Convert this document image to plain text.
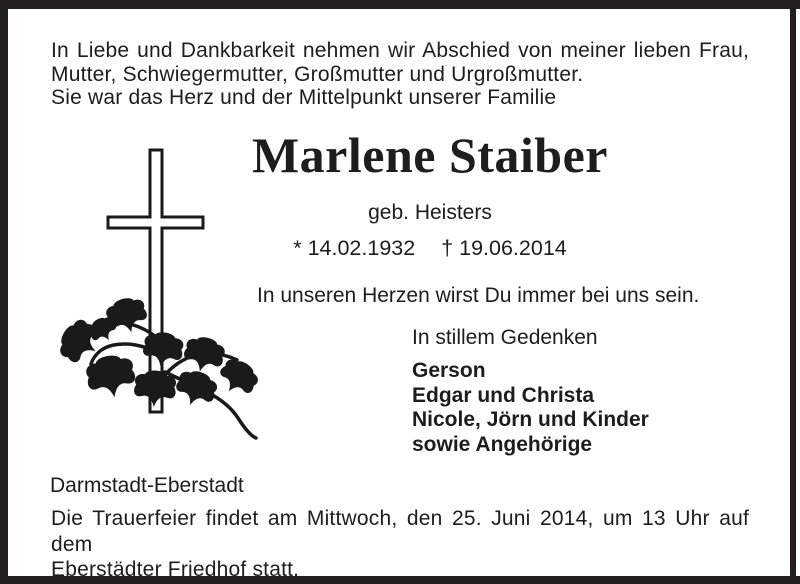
In Liebe und Dankbarkeit nehmen wir Abschied von meiner lieben Frau,
Mutter, Schwiegermutter, Großmutter und Urgroßmutter.
Sie war das Herz und der Mittelpunkt unserer Familie
Marlene Staiber
geb. Heisters
* 14.02.1932 † 19.06.2014
In unseren Herzen wirst Du immer bei uns sein.
In stillem Gedenken
Gerson
Edgar und Christa
Nicole, Jörn und Kinder
sowie Angehörige
Darmstadt-Eberstadt
Die Trauerfeier findet am Mittwoch, den 25. Juni 2014, um 13 Uhr auf dem
Eberstädter Friedhof statt.
